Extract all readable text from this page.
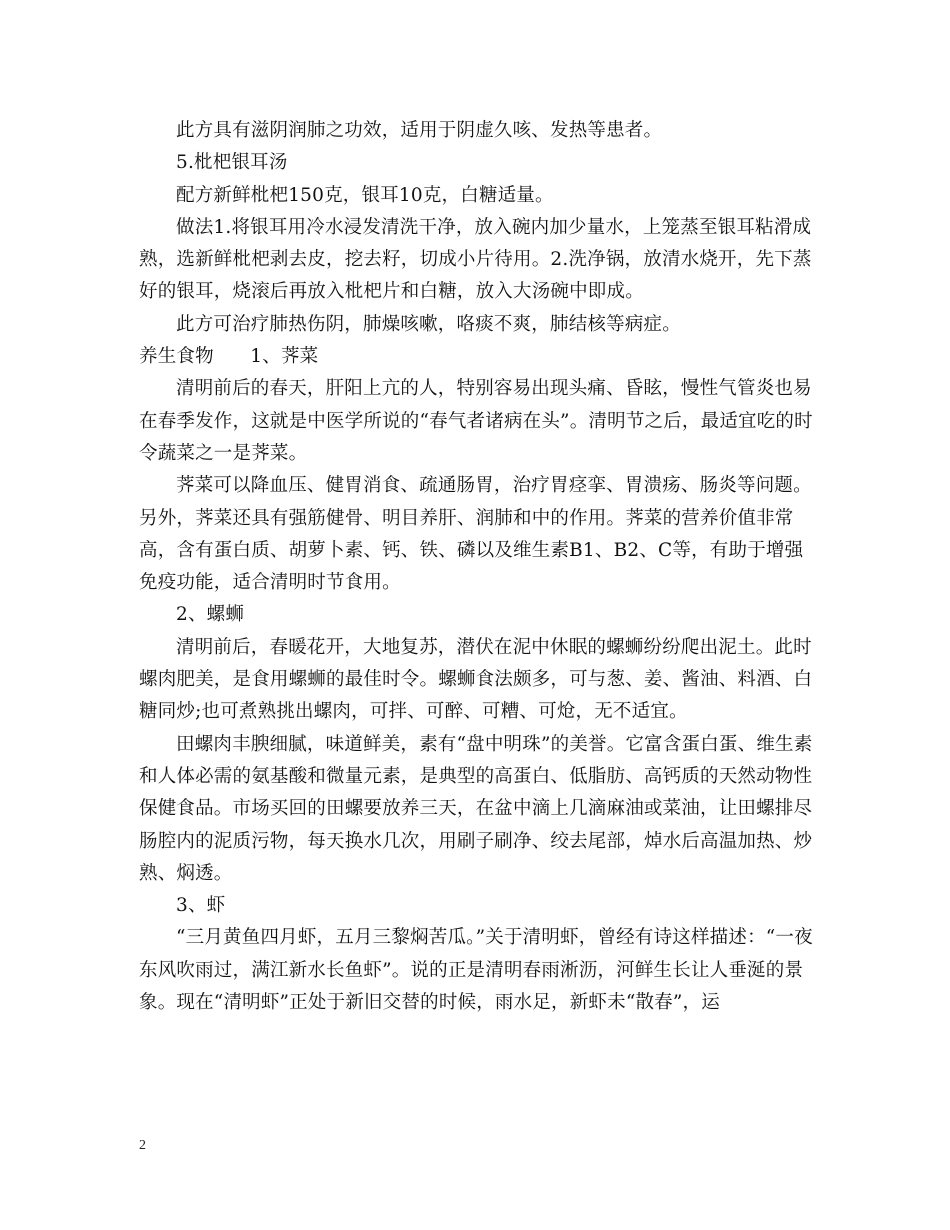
此方具有滋阴润肺之功效，适用于阴虚久咳、发热等患者。

5.枇杷银耳汤

配方新鲜枇杷150克，银耳10克，白糖适量。

做法1.将银耳用冷水浸发清洗干净，放入碗内加少量水，上笼蒸至银耳粘滑成熟，选新鲜枇杷剥去皮，挖去籽，切成小片待用。2.洗净锅，放清水烧开，先下蒸好的银耳，烧滚后再放入枇杷片和白糖，放入大汤碗中即成。

此方可治疗肺热伤阴，肺燥咳嗽，咯痰不爽，肺结核等病症。

养生食物      1、荠菜

清明前后的春天，肝阳上亢的人，特别容易出现头痛、昏眩，慢性气管炎也易在春季发作，这就是中医学所说的“春气者诸病在头”。清明节之后，最适宜吃的时令蔬菜之一是荠菜。

荠菜可以降血压、健胃消食、疏通肠胃，治疗胃痉挛、胃溃疡、肠炎等问题。另外，荠菜还具有强筋健骨、明目养肝、润肺和中的作用。荠菜的营养价值非常高，含有蛋白质、胡萝卜素、钙、铁、磷以及维生素B1、B2、C等，有助于增强免疫功能，适合清明时节食用。

2、螺蛳

清明前后，春暖花开，大地复苏，潜伏在泥中休眠的螺蛳纷纷爬出泥土。此时螺肉肥美，是食用螺蛳的最佳时令。螺蛳食法颇多，可与葱、姜、酱油、料酒、白糖同炒;也可煮熟挑出螺肉，可拌、可醉、可糟、可炝，无不适宜。

田螺肉丰腴细腻，味道鲜美，素有“盘中明珠”的美誉。它富含蛋白蛋、维生素和人体必需的氨基酸和微量元素，是典型的高蛋白、低脂肪、高钙质的天然动物性保健食品。市场买回的田螺要放养三天，在盆中滴上几滴麻油或菜油，让田螺排尽肠腔内的泥质污物，每天换水几次，用刷子刷净、绞去尾部，焯水后高温加热、炒熟、焖透。

3、虾

“三月黄鱼四月虾，五月三黎焖苦瓜。”关于清明虾，曾经有诗这样描述：“一夜东风吹雨过，满江新水长鱼虾”。说的正是清明春雨淅沥，河鲜生长让人垂涎的景象。现在“清明虾”正处于新旧交替的时候，雨水足，新虾未“散春”，运

2
